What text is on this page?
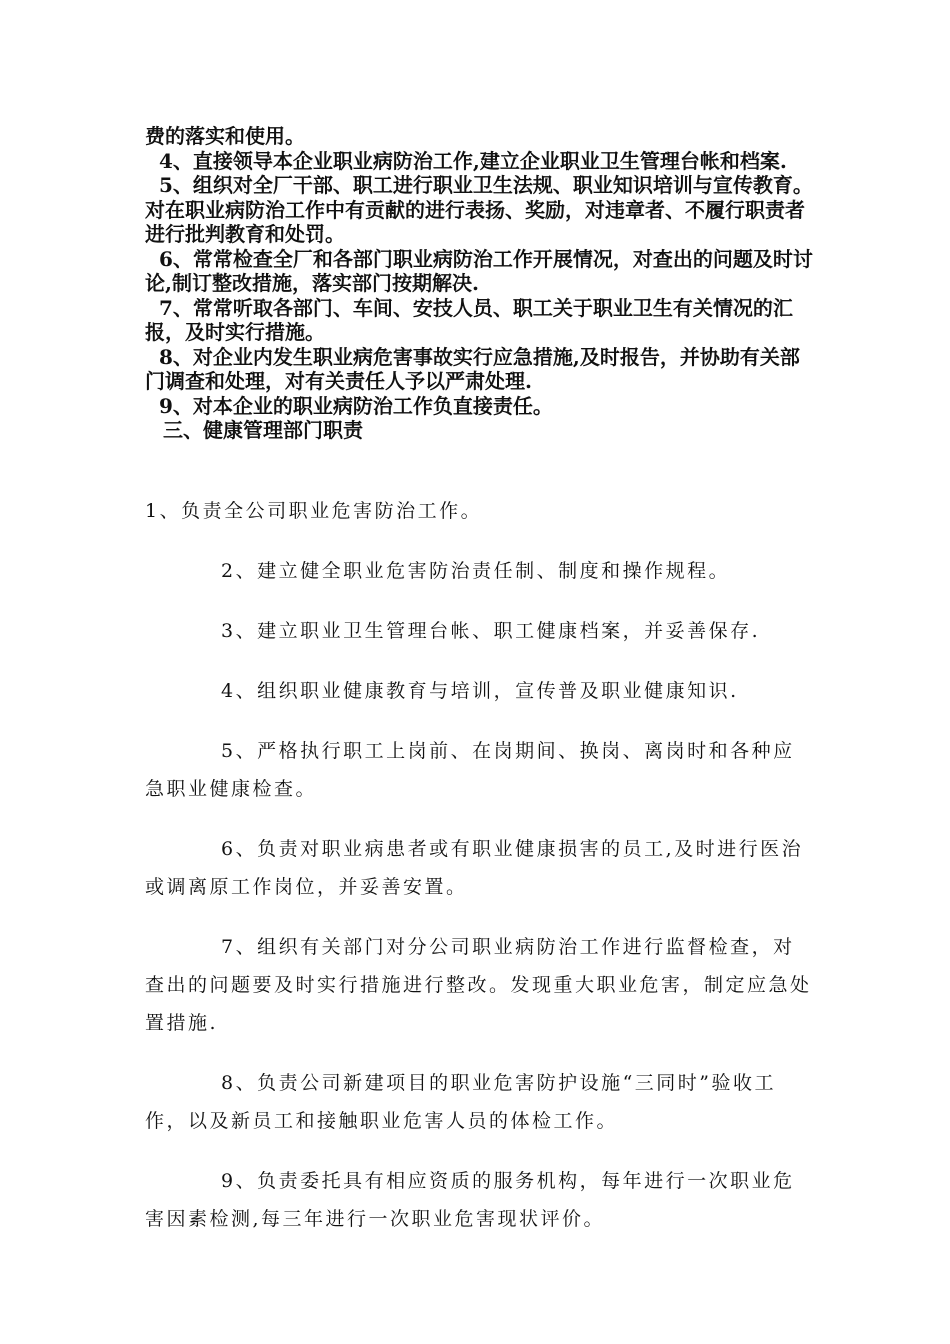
费的落实和使用。

4、直接领导本企业职业病防治工作,建立企业职业卫生管理台帐和档案.

5、组织对全厂干部、职工进行职业卫生法规、职业知识培训与宣传教育。对在职业病防治工作中有贡献的进行表扬、奖励，对违章者、不履行职责者进行批判教育和处罚。

6、常常检查全厂和各部门职业病防治工作开展情况，对查出的问题及时讨论,制订整改措施，落实部门按期解决.

7、常常听取各部门、车间、安技人员、职工关于职业卫生有关情况的汇报，及时实行措施。

8、对企业内发生职业病危害事故实行应急措施,及时报告，并协助有关部门调查和处理，对有关责任人予以严肃处理.

9、对本企业的职业病防治工作负直接责任。

三、健康管理部门职责

1、负责全公司职业危害防治工作。

2、建立健全职业危害防治责任制、制度和操作规程。

3、建立职业卫生管理台帐、职工健康档案，并妥善保存.

4、组织职业健康教育与培训，宣传普及职业健康知识.

5、严格执行职工上岗前、在岗期间、换岗、离岗时和各种应急职业健康检查。

6、负责对职业病患者或有职业健康损害的员工,及时进行医治或调离原工作岗位，并妥善安置。

7、组织有关部门对分公司职业病防治工作进行监督检查，对查出的问题要及时实行措施进行整改。发现重大职业危害，制定应急处置措施.

8、负责公司新建项目的职业危害防护设施“三同时”验收工作，以及新员工和接触职业危害人员的体检工作。

9、负责委托具有相应资质的服务机构，每年进行一次职业危害因素检测,每三年进行一次职业危害现状评价。
